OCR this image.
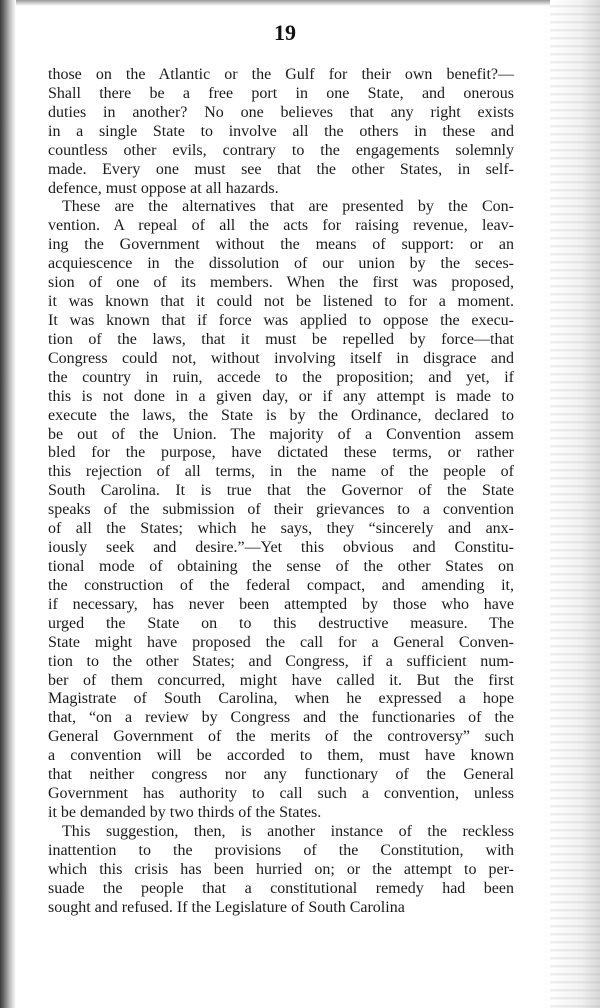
19
those on the Atlantic or the Gulf for their own benefit?—
Shall there be a free port in one State, and onerous
duties in another? No one believes that any right exists
in a single State to involve all the others in these and
countless other evils, contrary to the engagements solemnly
made. Every one must see that the other States, in self-
defence, must oppose at all hazards.
These are the alternatives that are presented by the Con-
vention. A repeal of all the acts for raising revenue, leav-
ing the Government without the means of support: or an
acquiescence in the dissolution of our union by the seces-
sion of one of its members. When the first was proposed,
it was known that it could not be listened to for a moment.
It was known that if force was applied to oppose the execu-
tion of the laws, that it must be repelled by force—that
Congress could not, without involving itself in disgrace and
the country in ruin, accede to the proposition; and yet, if
this is not done in a given day, or if any attempt is made to
execute the laws, the State is by the Ordinance, declared to
be out of the Union. The majority of a Convention assem
bled for the purpose, have dictated these terms, or rather
this rejection of all terms, in the name of the people of
South Carolina. It is true that the Governor of the State
speaks of the submission of their grievances to a convention
of all the States; which he says, they “sincerely and anx-
iously seek and desire.”—Yet this obvious and Constitu-
tional mode of obtaining the sense of the other States on
the construction of the federal compact, and amending it,
if necessary, has never been attempted by those who have
urged the State on to this destructive measure. The
State might have proposed the call for a General Conven-
tion to the other States; and Congress, if a sufficient num-
ber of them concurred, might have called it. But the first
Magistrate of South Carolina, when he expressed a hope
that, “on a review by Congress and the functionaries of the
General Government of the merits of the controversy” such
a convention will be accorded to them, must have known
that neither congress nor any functionary of the General
Government has authority to call such a convention, unless
it be demanded by two thirds of the States.
This suggestion, then, is another instance of the reckless
inattention to the provisions of the Constitution, with
which this crisis has been hurried on; or the attempt to per-
suade the people that a constitutional remedy had been
sought and refused. If the Legislature of South Carolina
